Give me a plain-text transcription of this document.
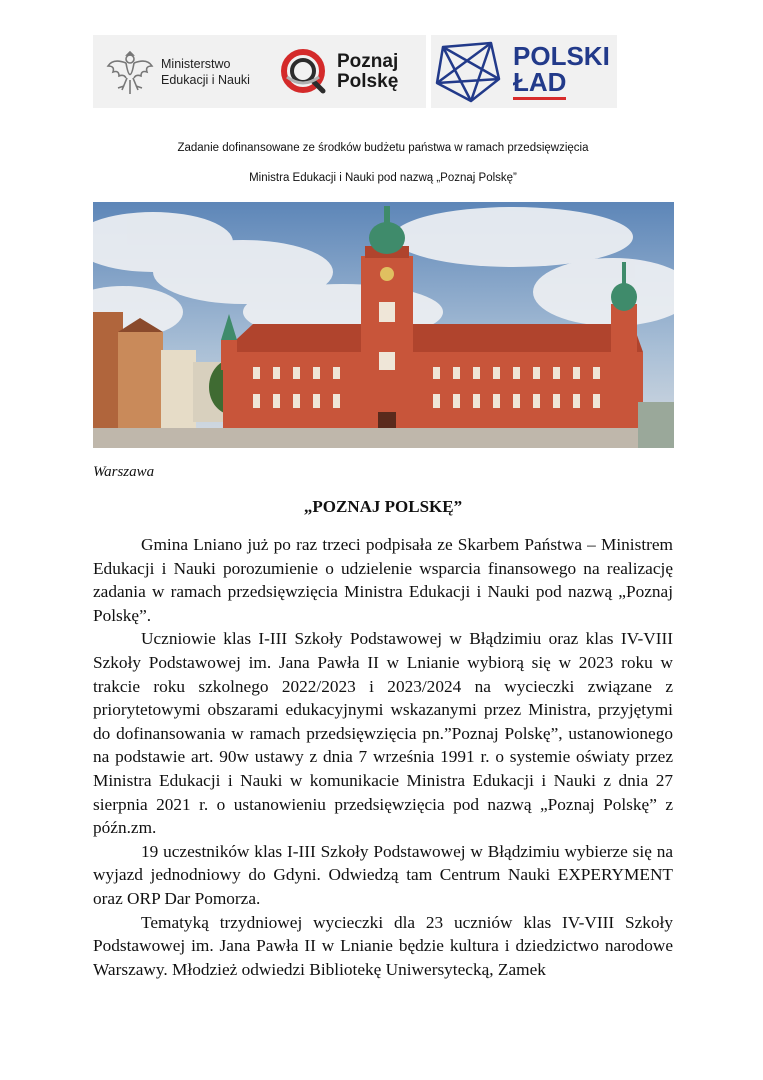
Ministerstwo
Edukacji i Nauki
Poznaj
Polskę
POLSKI
ŁAD
Zadanie dofinansowane ze środków budżetu państwa w ramach przedsięwzięcia
Ministra Edukacji i Nauki pod nazwą „Poznaj Polskę”
Warszawa
„POZNAJ POLSKĘ”

Gmina Lniano już po raz trzeci podpisała ze Skarbem Państwa – Ministrem Edukacji i Nauki porozumienie o udzielenie wsparcia finansowego na realizację zadania w ramach przedsięwzięcia Ministra Edukacji i Nauki pod nazwą „Poznaj Polskę”.

Uczniowie klas I-III Szkoły Podstawowej w Błądzimiu oraz klas IV-VIII Szkoły Podstawowej im. Jana Pawła II w Lnianie wybiorą się w 2023 roku w trakcie roku szkolnego 2022/2023 i 2023/2024 na wycieczki związane z priorytetowymi obszarami edukacyjnymi wskazanymi przez Ministra, przyjętymi do dofinansowania w ramach przedsięwzięcia pn.”Poznaj Polskę”, ustanowionego na podstawie art. 90w ustawy z dnia 7 września 1991 r. o systemie oświaty przez Ministra Edukacji i Nauki w komunikacie Ministra Edukacji i Nauki z dnia 27 sierpnia 2021 r. o ustanowieniu przedsięwzięcia pod nazwą „Poznaj Polskę” z późn.zm.

19 uczestników klas I-III Szkoły Podstawowej w Błądzimiu wybierze się na wyjazd jednodniowy do Gdyni. Odwiedzą tam Centrum Nauki EXPERYMENT oraz ORP Dar Pomorza.

Tematyką trzydniowej wycieczki dla 23 uczniów klas IV-VIII Szkoły Podstawowej im. Jana Pawła II w Lnianie będzie kultura i dziedzictwo narodowe Warszawy. Młodzież odwiedzi Bibliotekę Uniwersytecką, Zamek
